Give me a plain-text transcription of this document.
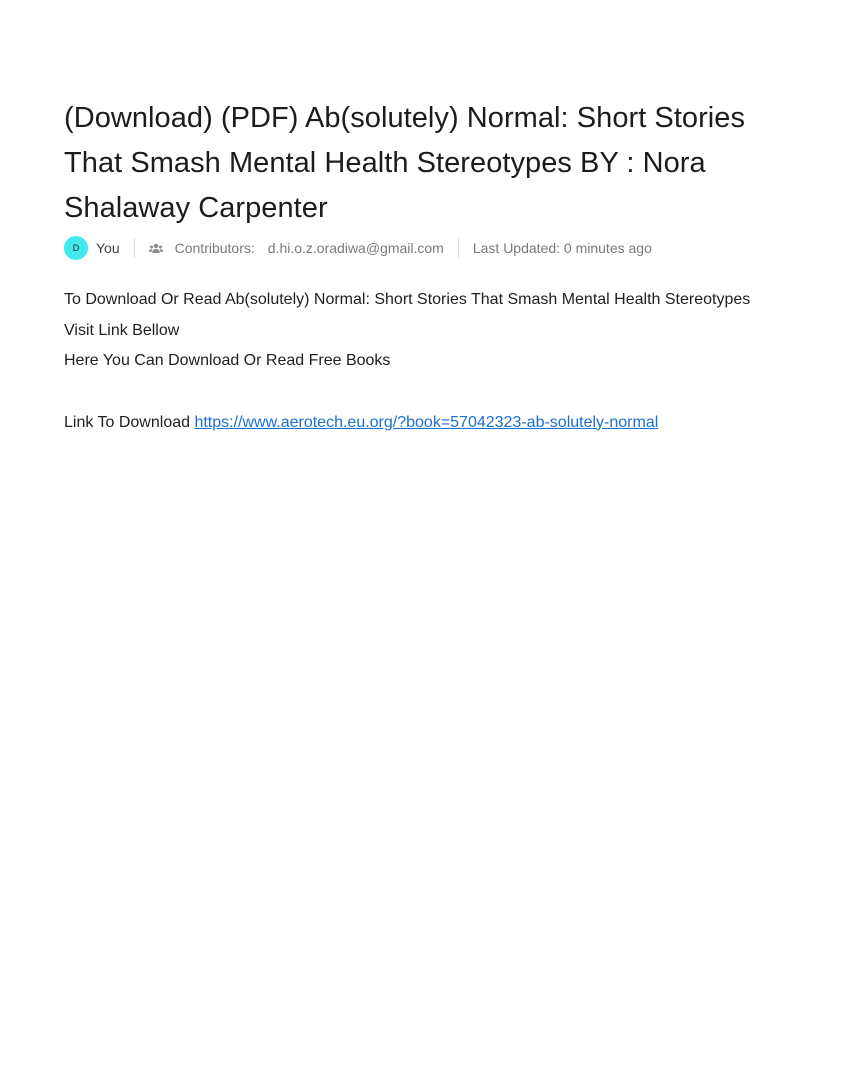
(Download) (PDF) Ab(solutely) Normal: Short Stories That Smash Mental Health Stereotypes BY : Nora Shalaway Carpenter
D	You	Contributors: d.hi.o.z.oradiwa@gmail.com Last Updated: 0 minutes ago

To Download Or Read Ab(solutely) Normal: Short Stories That Smash Mental Health Stereotypes

Visit Link Bellow

Here You Can Download Or Read Free Books

Link To Download https://www.aerotech.eu.org/?book=57042323-ab-solutely-normal
